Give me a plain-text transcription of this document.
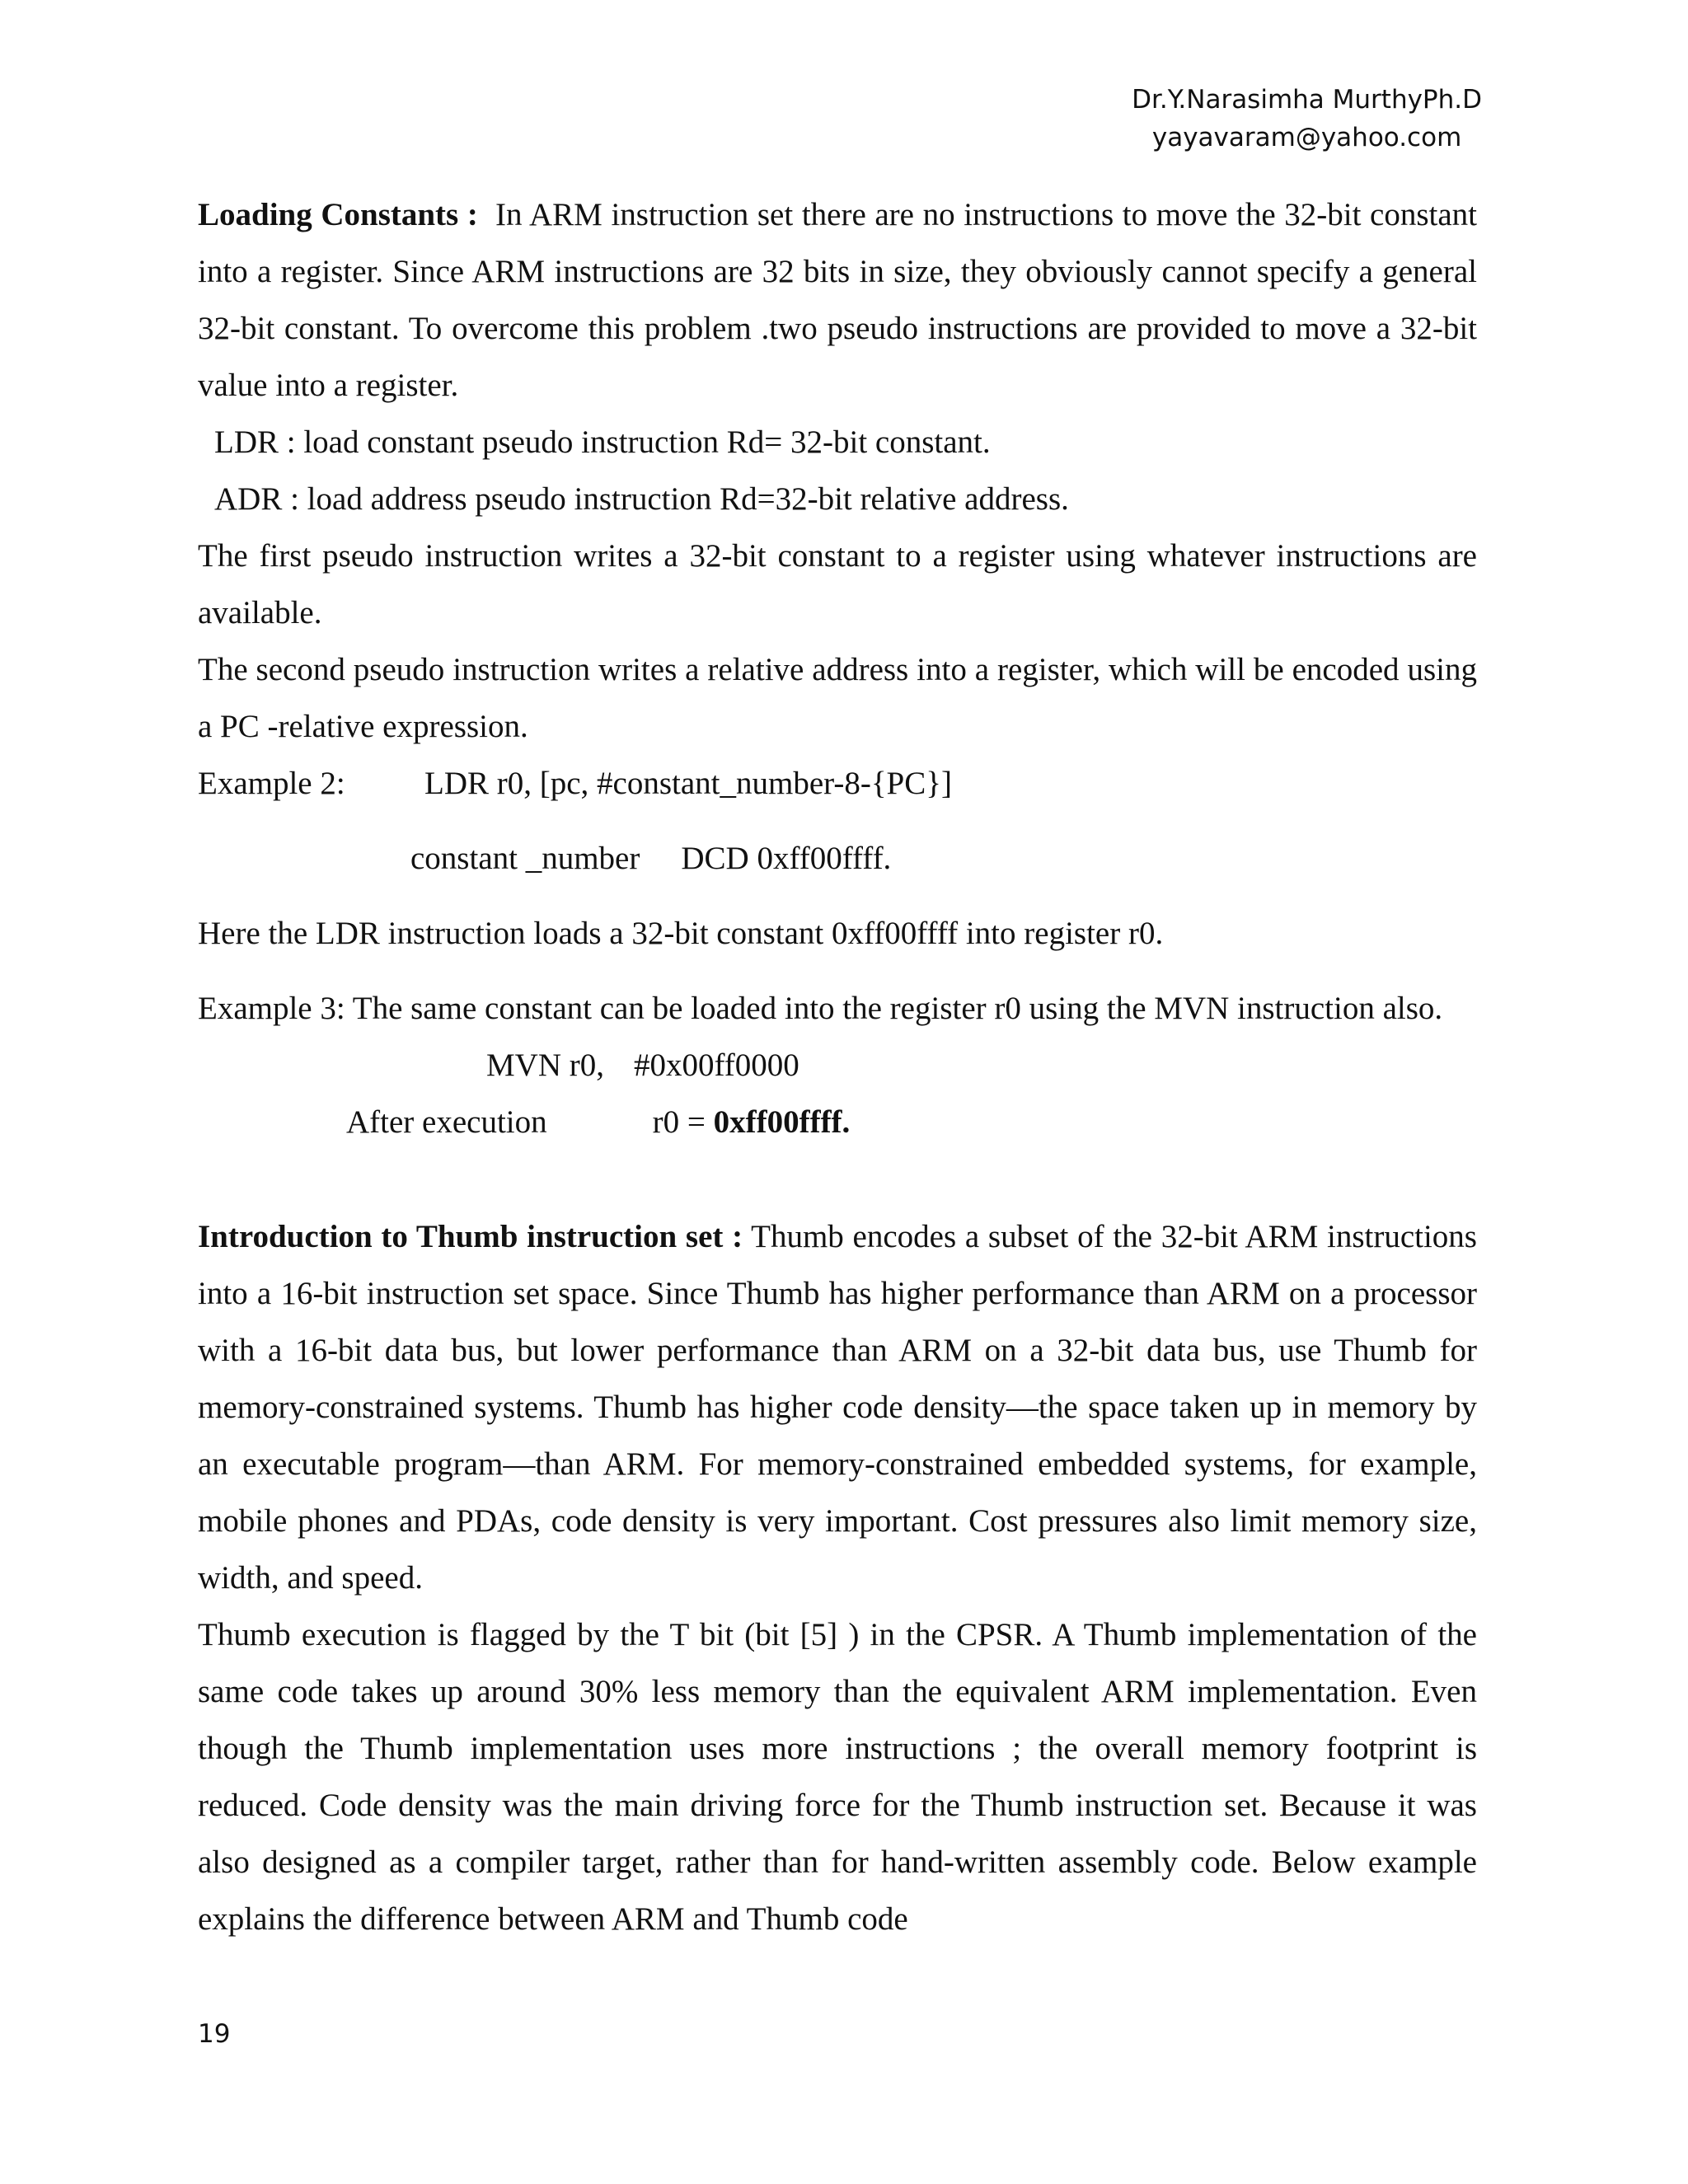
Dr.Y.Narasimha MurthyPh.D
yayavaram@yahoo.com

Loading Constants : In ARM instruction set there are no instructions to move the 32-bit constant into a register. Since ARM instructions are 32 bits in size, they obviously cannot specify a general 32-bit constant. To overcome this problem .two pseudo instructions are provided to move a 32-bit value into a register.

LDR : load constant pseudo instruction Rd= 32-bit constant.

ADR : load address pseudo instruction Rd=32-bit relative address.

The first pseudo instruction writes a 32-bit constant to a register using whatever instructions are available.

The second pseudo instruction writes a relative address into a register, which will be encoded using a PC -relative expression.

Example 2:	LDR r0, [pc, #constant_number-8-{PC}]

constant _number DCD 0xff00ffff.

Here the LDR instruction loads a 32-bit constant 0xff00ffff into register r0.

Example 3: The same constant can be loaded into the register r0 using the MVN instruction also.

MVN r0, #0x00ff0000

After execution	r0 = 0xff00ffff.

Introduction to Thumb instruction set : Thumb encodes a subset of the 32-bit ARM instructions into a 16-bit instruction set space. Since Thumb has higher performance than ARM on a processor with a 16-bit data bus, but lower performance than ARM on a 32-bit data bus, use Thumb for memory-constrained systems. Thumb has higher code density—the space taken up in memory by an executable program—than ARM. For memory-constrained embedded systems, for example, mobile phones and PDAs, code density is very important. Cost pressures also limit memory size, width, and speed.

Thumb execution is flagged by the T bit (bit [5] ) in the CPSR. A Thumb implementation of the same code takes up around 30% less memory than the equivalent ARM implementation. Even though the Thumb implementation uses more instructions ; the overall memory footprint is reduced. Code density was the main driving force for the Thumb instruction set. Because it was also designed as a compiler target, rather than for hand-written assembly code. Below example explains the difference between ARM and Thumb code

19
